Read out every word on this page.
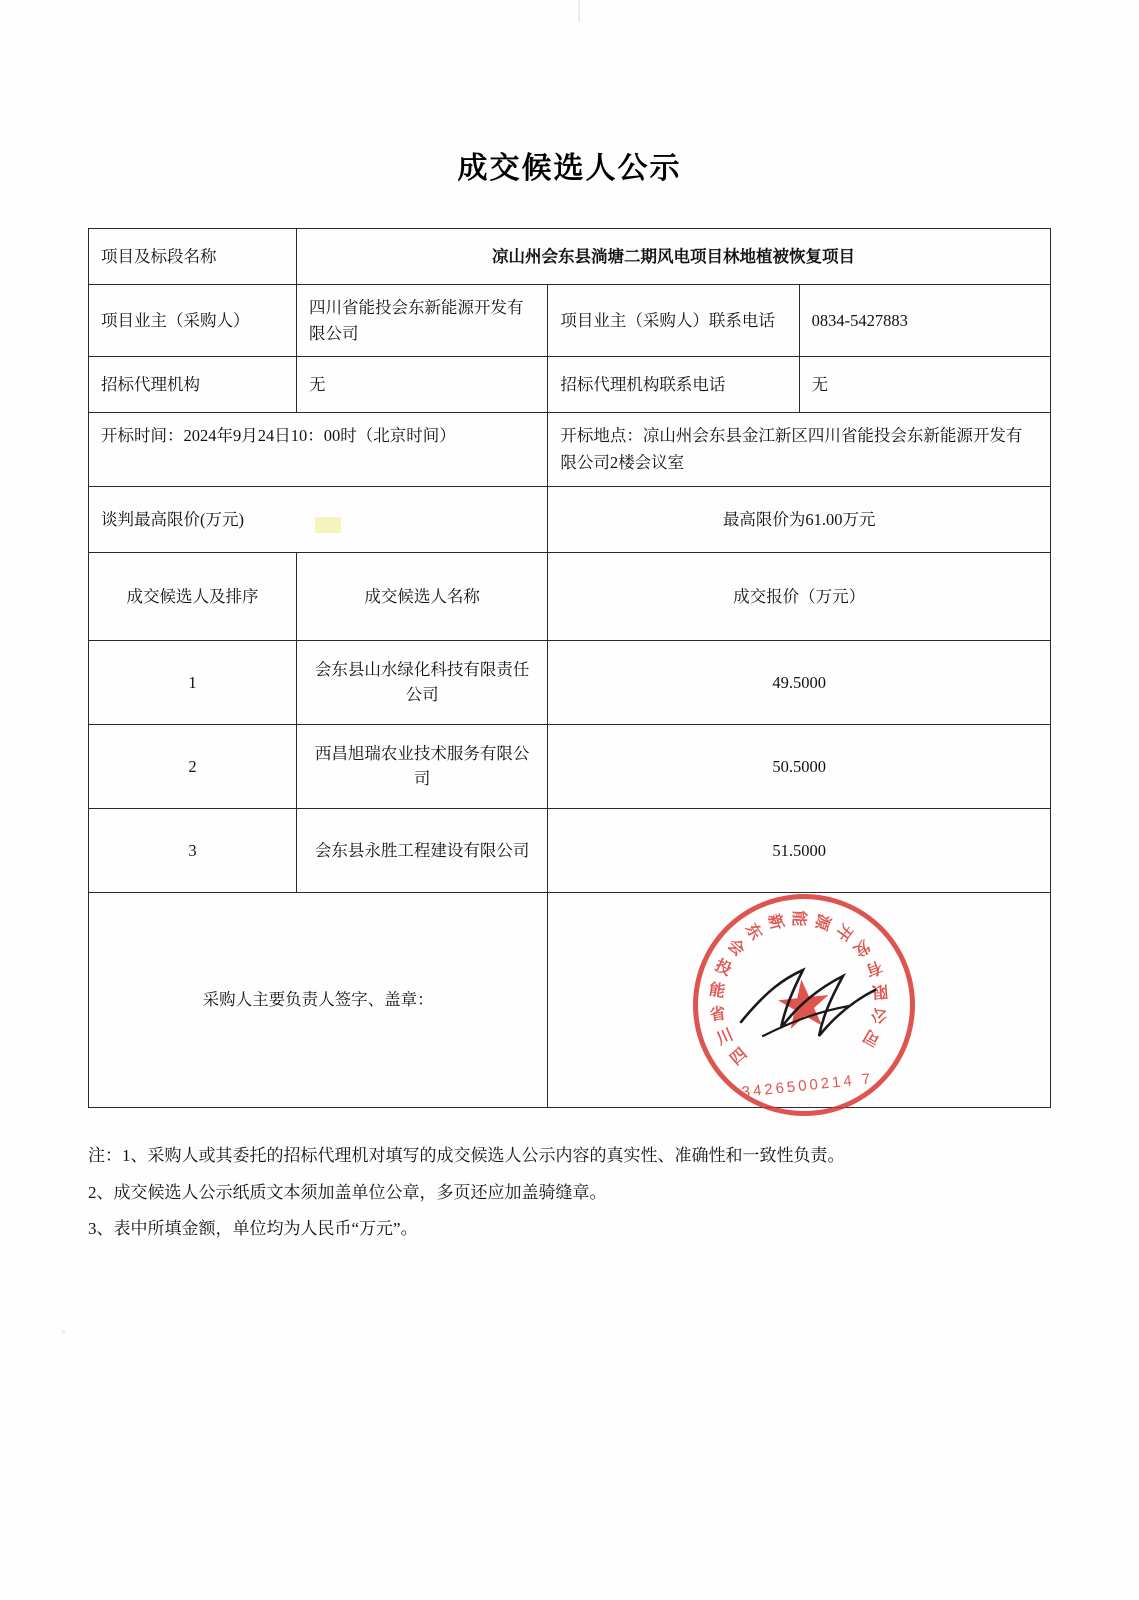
成交候选人公示
项目及标段名称	凉山州会东县淌塘二期风电项目林地植被恢复项目		
项目业主（采购人）	四川省能投会东新能源开发有限公司	项目业主（采购人）联系电话	0834-5427883
招标代理机构	无	招标代理机构联系电话	无
开标时间：2024年9月24日10：00时（北京时间）		开标地点：凉山州会东县金江新区四川省能投会东新能源开发有限公司2楼会议室	
谈判最高限价(万元)		最高限价为61.00万元	
成交候选人及排序	成交候选人名称	成交报价（万元）	
1	会东县山水绿化科技有限责任公司	49.5000	
2	西昌旭瑞农业技术服务有限公司	50.5000	
3	会东县永胜工程建设有限公司	51.5000	
采购人主要负责人签字、盖章：	
四
川
省
能
投
会
东 新 能 源 开
发
有
限
公
司
★
3426500214 7
注：1、采购人或其委托的招标代理机对填写的成交候选人公示内容的真实性、准确性和一致性负责。
2、成交候选人公示纸质文本须加盖单位公章，多页还应加盖骑缝章。
3、表中所填金额，单位均为人民币“万元”。
